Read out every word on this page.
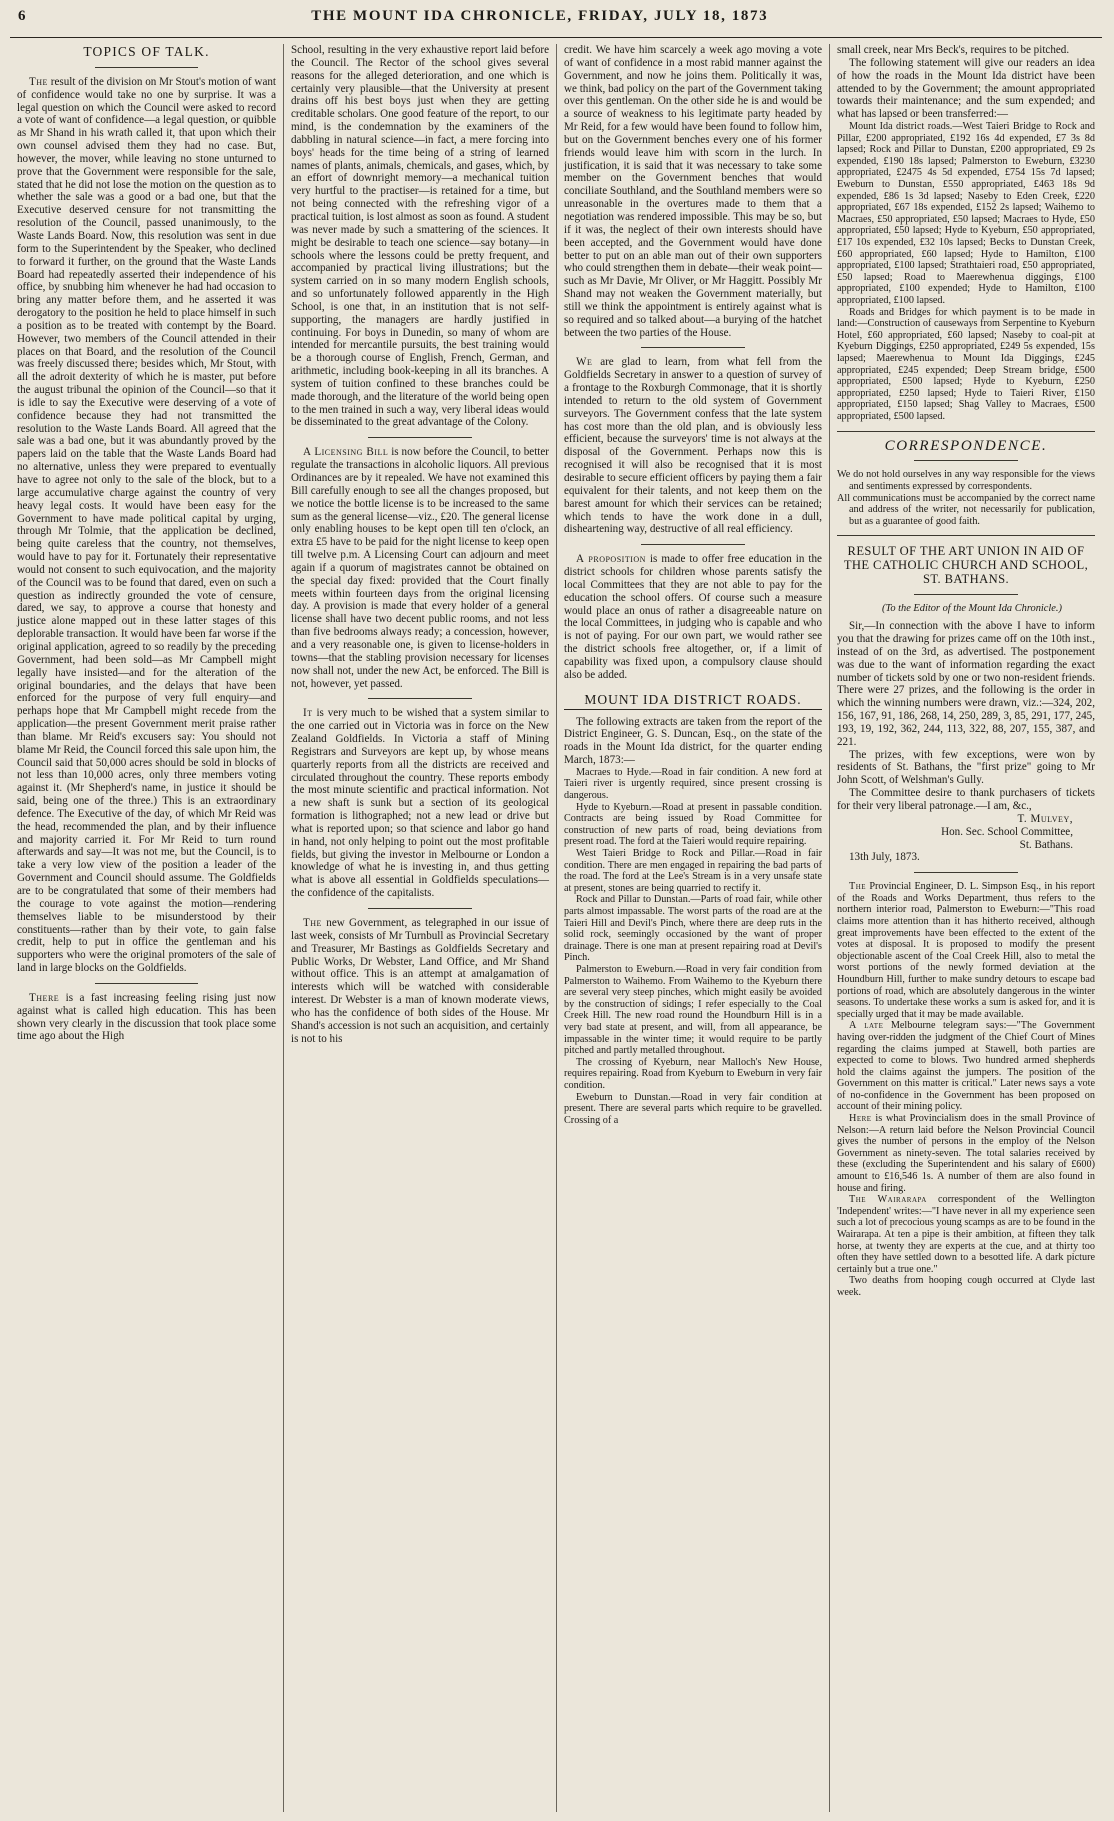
6	THE MOUNT IDA CHRONICLE, FRIDAY, JULY 18, 1873
TOPICS OF TALK.

The result of the division on Mr Stout's motion of want of confidence would take no one by surprise. It was a legal question on which the Council were asked to record a vote of want of confidence—a legal question, or quibble as Mr Shand in his wrath called it, that upon which their own counsel advised them they had no case. But, however, the mover, while leaving no stone unturned to prove that the Government were responsible for the sale, stated that he did not lose the motion on the question as to whether the sale was a good or a bad one, but that the Executive deserved censure for not transmitting the resolution of the Council, passed unanimously, to the Waste Lands Board. Now, this resolution was sent in due form to the Superintendent by the Speaker, who declined to forward it further, on the ground that the Waste Lands Board had repeatedly asserted their independence of his office, by snubbing him whenever he had had occasion to bring any matter before them, and he asserted it was derogatory to the position he held to place himself in such a position as to be treated with contempt by the Board. However, two members of the Council attended in their places on that Board, and the resolution of the Council was freely discussed there; besides which, Mr Stout, with all the adroit dexterity of which he is master, put before the august tribunal the opinion of the Council—so that it is idle to say the Executive were deserving of a vote of confidence because they had not transmitted the resolution to the Waste Lands Board. All agreed that the sale was a bad one, but it was abundantly proved by the papers laid on the table that the Waste Lands Board had no alternative, unless they were prepared to eventually have to agree not only to the sale of the block, but to a large accumulative charge against the country of very heavy legal costs. It would have been easy for the Government to have made political capital by urging, through Mr Tolmie, that the application be declined, being quite careless that the country, not themselves, would have to pay for it. Fortunately their representative would not consent to such equivocation, and the majority of the Council was to be found that dared, even on such a question as indirectly grounded the vote of censure, dared, we say, to approve a course that honesty and justice alone mapped out in these latter stages of this deplorable transaction. It would have been far worse if the original application, agreed to so readily by the preceding Government, had been sold—as Mr Campbell might legally have insisted—and for the alteration of the original boundaries, and the delays that have been enforced for the purpose of very full enquiry—and perhaps hope that Mr Campbell might recede from the application—the present Government merit praise rather than blame. Mr Reid's excusers say: You should not blame Mr Reid, the Council forced this sale upon him, the Council said that 50,000 acres should be sold in blocks of not less than 10,000 acres, only three members voting against it. (Mr Shepherd's name, in justice it should be said, being one of the three.) This is an extraordinary defence. The Executive of the day, of which Mr Reid was the head, recommended the plan, and by their influence and majority carried it. For Mr Reid to turn round afterwards and say—It was not me, but the Council, is to take a very low view of the position a leader of the Government and Council should assume. The Goldfields are to be congratulated that some of their members had the courage to vote against the motion—rendering themselves liable to be misunderstood by their constituents—rather than by their vote, to gain false credit, help to put in office the gentleman and his supporters who were the original promoters of the sale of land in large blocks on the Goldfields.

There is a fast increasing feeling rising just now against what is called high education. This has been shown very clearly in the discussion that took place some time ago about the High

School, resulting in the very exhaustive report laid before the Council. The Rector of the school gives several reasons for the alleged deterioration, and one which is certainly very plausible—that the University at present drains off his best boys just when they are getting creditable scholars. One good feature of the report, to our mind, is the condemnation by the examiners of the dabbling in natural science—in fact, a mere forcing into boys' heads for the time being of a string of learned names of plants, animals, chemicals, and gases, which, by an effort of downright memory—a mechanical tuition very hurtful to the practiser—is retained for a time, but not being connected with the refreshing vigor of a practical tuition, is lost almost as soon as found. A student was never made by such a smattering of the sciences. It might be desirable to teach one science—say botany—in schools where the lessons could be pretty frequent, and accompanied by practical living illustrations; but the system carried on in so many modern English schools, and so unfortunately followed apparently in the High School, is one that, in an institution that is not self-supporting, the managers are hardly justified in continuing. For boys in Dunedin, so many of whom are intended for mercantile pursuits, the best training would be a thorough course of English, French, German, and arithmetic, including book-keeping in all its branches. A system of tuition confined to these branches could be made thorough, and the literature of the world being open to the men trained in such a way, very liberal ideas would be disseminated to the great advantage of the Colony.

A Licensing Bill is now before the Council, to better regulate the transactions in alcoholic liquors. All previous Ordinances are by it repealed. We have not examined this Bill carefully enough to see all the changes proposed, but we notice the bottle license is to be increased to the same sum as the general license—viz., £20. The general license only enabling houses to be kept open till ten o'clock, an extra £5 have to be paid for the night license to keep open till twelve p.m. A Licensing Court can adjourn and meet again if a quorum of magistrates cannot be obtained on the special day fixed: provided that the Court finally meets within fourteen days from the original licensing day. A provision is made that every holder of a general license shall have two decent public rooms, and not less than five bedrooms always ready; a concession, however, and a very reasonable one, is given to license-holders in towns—that the stabling provision necessary for licenses now shall not, under the new Act, be enforced. The Bill is not, however, yet passed.

It is very much to be wished that a system similar to the one carried out in Victoria was in force on the New Zealand Goldfields. In Victoria a staff of Mining Registrars and Surveyors are kept up, by whose means quarterly reports from all the districts are received and circulated throughout the country. These reports embody the most minute scientific and practical information. Not a new shaft is sunk but a section of its geological formation is lithographed; not a new lead or drive but what is reported upon; so that science and labor go hand in hand, not only helping to point out the most profitable fields, but giving the investor in Melbourne or London a knowledge of what he is investing in, and thus getting what is above all essential in Goldfields speculations—the confidence of the capitalists.

The new Government, as telegraphed in our issue of last week, consists of Mr Turnbull as Provincial Secretary and Treasurer, Mr Bastings as Goldfields Secretary and Public Works, Dr Webster, Land Office, and Mr Shand without office. This is an attempt at amalgamation of interests which will be watched with considerable interest. Dr Webster is a man of known moderate views, who has the confidence of both sides of the House. Mr Shand's accession is not such an acquisition, and certainly is not to his

credit. We have him scarcely a week ago moving a vote of want of confidence in a most rabid manner against the Government, and now he joins them. Politically it was, we think, bad policy on the part of the Government taking over this gentleman. On the other side he is and would be a source of weakness to his legitimate party headed by Mr Reid, for a few would have been found to follow him, but on the Government benches every one of his former friends would leave him with scorn in the lurch. In justification, it is said that it was necessary to take some member on the Government benches that would conciliate Southland, and the Southland members were so unreasonable in the overtures made to them that a negotiation was rendered impossible. This may be so, but if it was, the neglect of their own interests should have been accepted, and the Government would have done better to put on an able man out of their own supporters who could strengthen them in debate—their weak point—such as Mr Davie, Mr Oliver, or Mr Haggitt. Possibly Mr Shand may not weaken the Government materially, but still we think the appointment is entirely against what is so required and so talked about—a burying of the hatchet between the two parties of the House.

We are glad to learn, from what fell from the Goldfields Secretary in answer to a question of survey of a frontage to the Roxburgh Commonage, that it is shortly intended to return to the old system of Government surveyors. The Government confess that the late system has cost more than the old plan, and is obviously less efficient, because the surveyors' time is not always at the disposal of the Government. Perhaps now this is recognised it will also be recognised that it is most desirable to secure efficient officers by paying them a fair equivalent for their talents, and not keep them on the barest amount for which their services can be retained; which tends to have the work done in a dull, disheartening way, destructive of all real efficiency.

A proposition is made to offer free education in the district schools for children whose parents satisfy the local Committees that they are not able to pay for the education the school offers. Of course such a measure would place an onus of rather a disagreeable nature on the local Committees, in judging who is capable and who is not of paying. For our own part, we would rather see the district schools free altogether, or, if a limit of capability was fixed upon, a compulsory clause should also be added.

MOUNT IDA DISTRICT ROADS.

The following extracts are taken from the report of the District Engineer, G. S. Duncan, Esq., on the state of the roads in the Mount Ida district, for the quarter ending March, 1873:—

Macraes to Hyde.—Road in fair condition. A new ford at Taieri river is urgently required, since present crossing is dangerous.

Hyde to Kyeburn.—Road at present in passable condition. Contracts are being issued by Road Committee for construction of new parts of road, being deviations from present road. The ford at the Taieri would require repairing.

West Taieri Bridge to Rock and Pillar.—Road in fair condition. There are men engaged in repairing the bad parts of the road. The ford at the Lee's Stream is in a very unsafe state at present, stones are being quarried to rectify it.

Rock and Pillar to Dunstan.—Parts of road fair, while other parts almost impassable. The worst parts of the road are at the Taieri Hill and Devil's Pinch, where there are deep ruts in the solid rock, seemingly occasioned by the want of proper drainage. There is one man at present repairing road at Devil's Pinch.

Palmerston to Eweburn.—Road in very fair condition from Palmerston to Waihemo. From Waihemo to the Kyeburn there are several very steep pinches, which might easily be avoided by the construction of sidings; I refer especially to the Coal Creek Hill. The new road round the Houndburn Hill is in a very bad state at present, and will, from all appearance, be impassable in the winter time; it would require to be partly pitched and partly metalled throughout.

The crossing of Kyeburn, near Malloch's New House, requires repairing. Road from Kyeburn to Eweburn in very fair condition.

Eweburn to Dunstan.—Road in very fair condition at present. There are several parts which require to be gravelled. Crossing of a

small creek, near Mrs Beck's, requires to be pitched.

The following statement will give our readers an idea of how the roads in the Mount Ida district have been attended to by the Government; the amount appropriated towards their maintenance; and the sum expended; and what has lapsed or been transferred:—

Mount Ida district roads.—West Taieri Bridge to Rock and Pillar, £200 appropriated, £192 16s 4d expended, £7 3s 8d lapsed; Rock and Pillar to Dunstan, £200 appropriated, £9 2s expended, £190 18s lapsed; Palmerston to Eweburn, £3230 appropriated, £2475 4s 5d expended, £754 15s 7d lapsed; Eweburn to Dunstan, £550 appropriated, £463 18s 9d expended, £86 1s 3d lapsed; Naseby to Eden Creek, £220 appropriated, £67 18s expended, £152 2s lapsed; Waihemo to Macraes, £50 appropriated, £50 lapsed; Macraes to Hyde, £50 appropriated, £50 lapsed; Hyde to Kyeburn, £50 appropriated, £17 10s expended, £32 10s lapsed; Becks to Dunstan Creek, £60 appropriated, £60 lapsed; Hyde to Hamilton, £100 appropriated, £100 lapsed; Strathtaieri road, £50 appropriated, £50 lapsed; Road to Maerewhenua diggings, £100 appropriated, £100 expended; Hyde to Hamilton, £100 appropriated, £100 lapsed.

Roads and Bridges for which payment is to be made in land:—Construction of causeways from Serpentine to Kyeburn Hotel, £60 appropriated, £60 lapsed; Naseby to coal-pit at Kyeburn Diggings, £250 appropriated, £249 5s expended, 15s lapsed; Maerewhenua to Mount Ida Diggings, £245 appropriated, £245 expended; Deep Stream bridge, £500 appropriated, £500 lapsed; Hyde to Kyeburn, £250 appropriated, £250 lapsed; Hyde to Taieri River, £150 appropriated, £150 lapsed; Shag Valley to Macraes, £500 appropriated, £500 lapsed.

CORRESPONDENCE.

We do not hold ourselves in any way responsible for the views and sentiments expressed by correspondents.

All communications must be accompanied by the correct name and address of the writer, not necessarily for publication, but as a guarantee of good faith.

RESULT OF THE ART UNION IN AID OF THE CATHOLIC CHURCH AND SCHOOL, ST. BATHANS.

(To the Editor of the Mount Ida Chronicle.)

Sir,—In connection with the above I have to inform you that the drawing for prizes came off on the 10th inst., instead of on the 3rd, as advertised. The postponement was due to the want of information regarding the exact number of tickets sold by one or two non-resident friends. There were 27 prizes, and the following is the order in which the winning numbers were drawn, viz.:—324, 202, 156, 167, 91, 186, 268, 14, 250, 289, 3, 85, 291, 177, 245, 193, 19, 192, 362, 244, 113, 322, 88, 207, 155, 387, and 221.

The prizes, with few exceptions, were won by residents of St. Bathans, the "first prize" going to Mr John Scott, of Welshman's Gully.

The Committee desire to thank purchasers of tickets for their very liberal patronage.—I am, &c.,

T. Mulvey,

Hon. Sec. School Committee,

St. Bathans.

13th July, 1873.

The Provincial Engineer, D. L. Simpson Esq., in his report of the Roads and Works Department, thus refers to the northern interior road, Palmerston to Eweburn:—"This road claims more attention than it has hitherto received, although great improvements have been effected to the extent of the votes at disposal. It is proposed to modify the present objectionable ascent of the Coal Creek Hill, also to metal the worst portions of the newly formed deviation at the Houndburn Hill, further to make sundry detours to escape bad portions of road, which are absolutely dangerous in the winter seasons. To undertake these works a sum is asked for, and it is specially urged that it may be made available.

A late Melbourne telegram says:—"The Government having over-ridden the judgment of the Chief Court of Mines regarding the claims jumped at Stawell, both parties are expected to come to blows. Two hundred armed shepherds hold the claims against the jumpers. The position of the Government on this matter is critical." Later news says a vote of no-confidence in the Government has been proposed on account of their mining policy.

Here is what Provincialism does in the small Province of Nelson:—A return laid before the Nelson Provincial Council gives the number of persons in the employ of the Nelson Government as ninety-seven. The total salaries received by these (excluding the Superintendent and his salary of £600) amount to £16,546 1s. A number of them are also found in house and firing.

The Wairarapa correspondent of the Wellington 'Independent' writes:—"I have never in all my experience seen such a lot of precocious young scamps as are to be found in the Wairarapa. At ten a pipe is their ambition, at fifteen they talk horse, at twenty they are experts at the cue, and at thirty too often they have settled down to a besotted life. A dark picture certainly but a true one."

Two deaths from hooping cough occurred at Clyde last week.
